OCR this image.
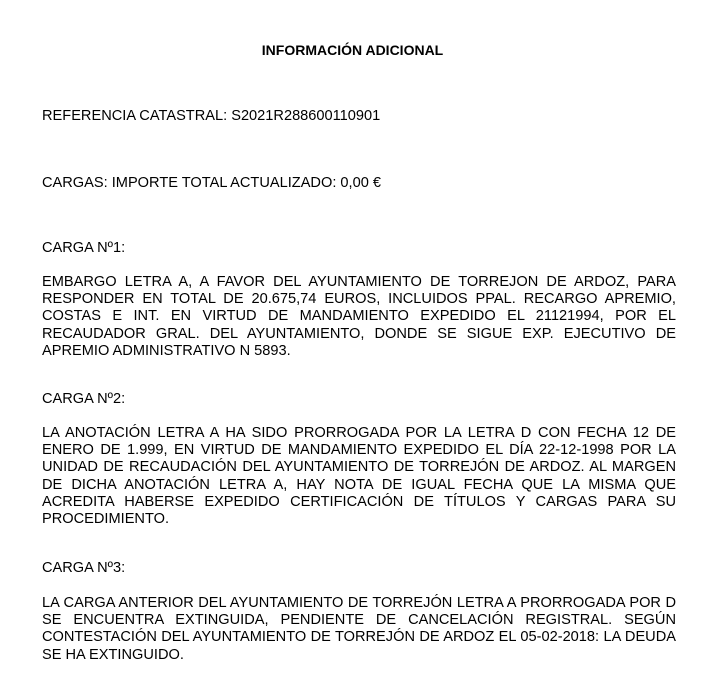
INFORMACIÓN ADICIONAL
REFERENCIA CATASTRAL: S2021R288600110901
CARGAS: IMPORTE TOTAL ACTUALIZADO: 0,00 €
CARGA Nº1:
EMBARGO LETRA A, A FAVOR DEL AYUNTAMIENTO DE TORREJON DE ARDOZ, PARA RESPONDER EN TOTAL DE 20.675,74 EUROS, INCLUIDOS PPAL. RECARGO APREMIO, COSTAS E INT. EN VIRTUD DE MANDAMIENTO EXPEDIDO EL 21121994, POR EL RECAUDADOR GRAL. DEL AYUNTAMIENTO, DONDE SE SIGUE EXP. EJECUTIVO DE APREMIO ADMINISTRATIVO N 5893.
CARGA Nº2:
LA ANOTACIÓN LETRA A HA SIDO PRORROGADA POR LA LETRA D CON FECHA 12 DE ENERO DE 1.999, EN VIRTUD DE MANDAMIENTO EXPEDIDO EL DÍA 22-12-1998 POR LA UNIDAD DE RECAUDACIÓN DEL AYUNTAMIENTO DE TORREJÓN DE ARDOZ. AL MARGEN DE DICHA ANOTACIÓN LETRA A, HAY NOTA DE IGUAL FECHA QUE LA MISMA QUE ACREDITA HABERSE EXPEDIDO CERTIFICACIÓN DE TÍTULOS Y CARGAS PARA SU PROCEDIMIENTO.
CARGA Nº3:
LA CARGA ANTERIOR DEL AYUNTAMIENTO DE TORREJÓN LETRA A PRORROGADA POR D SE ENCUENTRA EXTINGUIDA, PENDIENTE DE CANCELACIÓN REGISTRAL. SEGÚN CONTESTACIÓN DEL AYUNTAMIENTO DE TORREJÓN DE ARDOZ EL 05-02-2018: LA DEUDA SE HA EXTINGUIDO.
